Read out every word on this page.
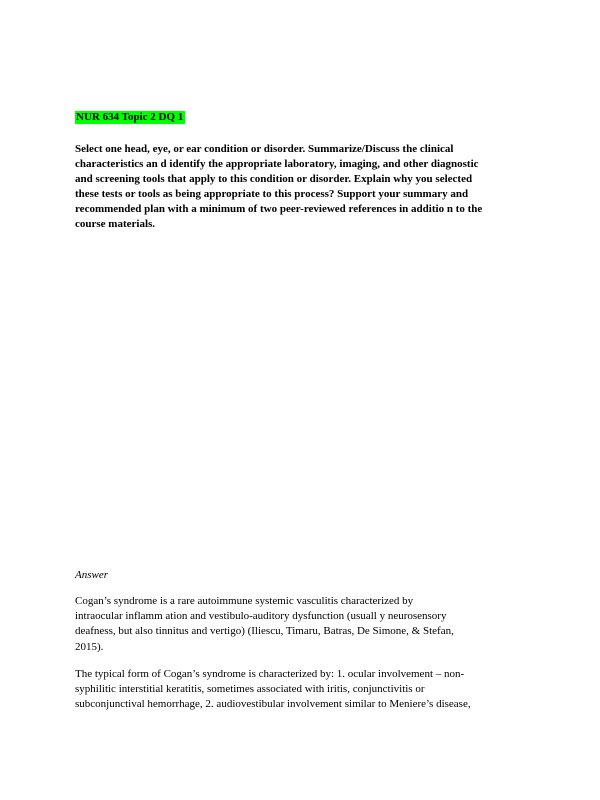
NUR 634 Topic 2 DQ 1

Select one head, eye, or ear condition or disorder. Summarize/Discuss the clinical
characteristics an d identify the appropriate laboratory, imaging, and other diagnostic
and screening tools that apply to this condition or disorder. Explain why you selected
these tests or tools as being appropriate to this process? Support your summary and
recommended plan with a minimum of two peer-reviewed references in additio n to the
course materials.

Answer

Cogan’s syndrome is a rare autoimmune systemic vasculitis characterized by
intraocular inflamm ation and vestibulo-auditory dysfunction (usuall y neurosensory
deafness, but also tinnitus and vertigo) (Iliescu, Timaru, Batras, De Simone, & Stefan,
2015).

The typical form of Cogan’s syndrome is characterized by: 1. ocular involvement – non-
syphilitic interstitial keratitis, sometimes associated with iritis, conjunctivitis or
subconjunctival hemorrhage, 2. audiovestibular involvement similar to Meniere’s disease,
